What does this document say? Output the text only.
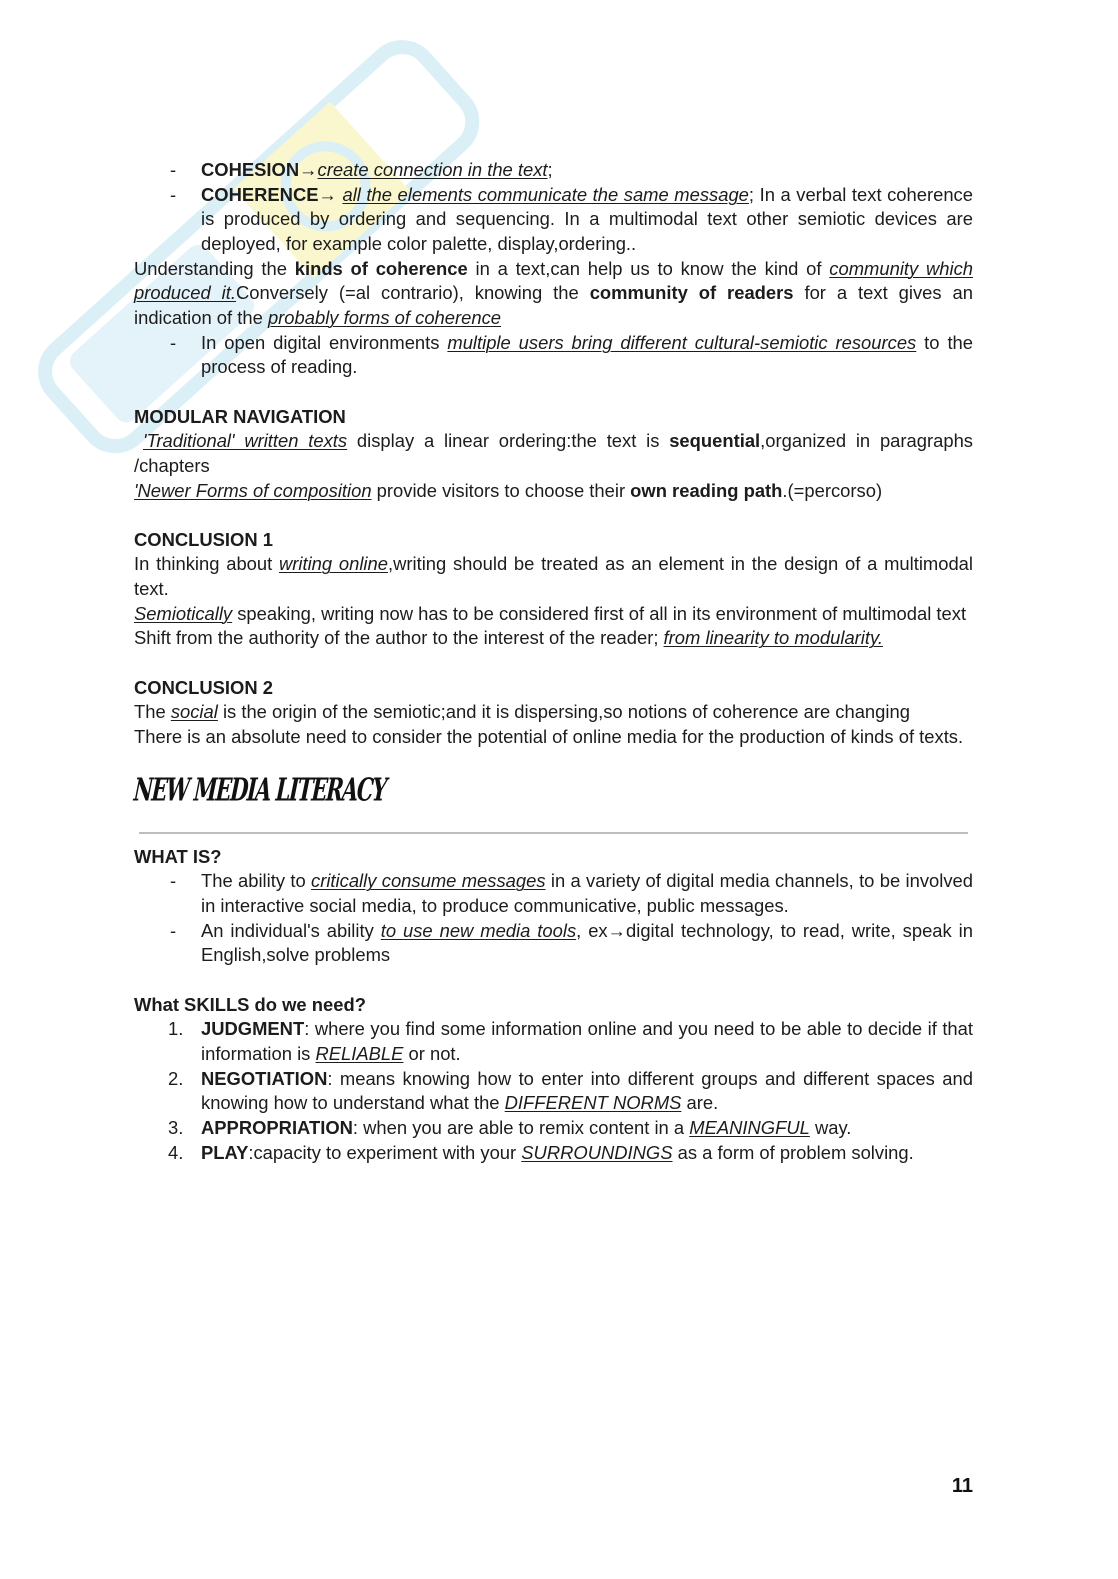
-	COHESION→create connection in the text;
-	COHERENCE→ all the elements communicate the same message; In a verbal text coherence is produced by ordering and sequencing. In a multimodal text other semiotic devices are deployed, for example color palette, display,ordering..

Understanding the kinds of coherence in a text,can help us to know the kind of community which produced it.Conversely (=al contrario), knowing the community of readers for a text gives an indication of the probably forms of coherence

-	In open digital environments multiple users bring different cultural-semiotic resources to the process of reading.

MODULAR NAVIGATION

'Traditional' written texts display a linear ordering:the text is sequential,organized in paragraphs /chapters

'Newer Forms of composition provide visitors to choose their own reading path.(=percorso)

CONCLUSION 1

In thinking about writing online,writing should be treated as an element in the design of a multimodal text.

Semiotically speaking, writing now has to be considered first of all in its environment of multimodal text

Shift from the authority of the author to the interest of the reader; from linearity to modularity.

CONCLUSION 2

The social is the origin of the semiotic;and it is dispersing,so notions of coherence are changing

There is an absolute need to consider the potential of online media for the production of kinds of texts.

NEW MEDIA LITERACY

WHAT IS?

-	The ability to critically consume messages in a variety of digital media channels, to be involved in interactive social media, to produce communicative, public messages.
-	An individual's ability to use new media tools, ex→digital technology, to read, write, speak in English,solve problems

What SKILLS do we need?

1. JUDGMENT: where you find some information online and you need to be able to decide if that information is RELIABLE or not.
2. NEGOTIATION: means knowing how to enter into different groups and different spaces and knowing how to understand what the DIFFERENT NORMS are.
3. APPROPRIATION: when you are able to remix content in a MEANINGFUL way.
4. PLAY:capacity to experiment with your SURROUNDINGS as a form of problem solving.
11
